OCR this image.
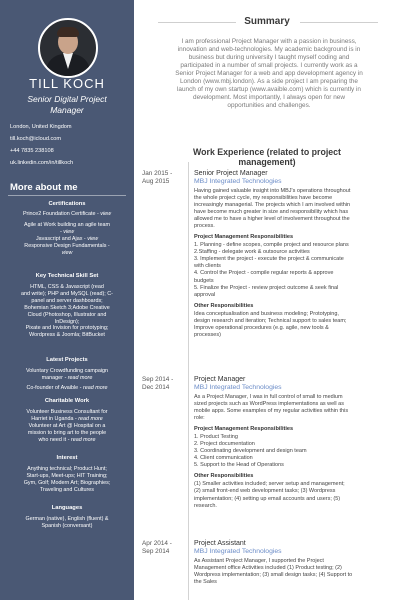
TILL KOCH
Senior Digital Project
Manager
London, United Kingdom
till.koch@icloud.com
+44 7835 238108
uk.linkedin.com/in/tillkoch
More about me
Certifications
Prince2 Foundation Certificate - view
Agile at Work building an agile team
- view
Javascript and Ajax - view
Responsive Design Fundamentals -
view
Key Technical Skill Set
HTML, CSS & Javascript (read
and write); PHP and MySQL (read); C-
panel and server dashboards;
Bohemian Sketch 3;Adobe Creative
Cloud (Photoshop, Illustrator and
InDesign);
Pixate and Invision for prototyping;
Wordpress & Joomla; BitBucket
Latest Projects
Voluntary Crowdfunding campaign
manager - read more
Co-founder of Avaible - read more
Charitable Work
Volunteer Business Consultant for
Harriet in Uganda - read more
Volunteer at Art @ Hospital on a
mission to bring art to the people
who need it - read more
Interest
Anything technical; Product Hunt;
Start-ups, Meet-ups; HIT Training;
Gym, Golf; Modern Art; Biographies;
Traveling and Cultures
Languages
German (native), English (fluent) &
Spanish (conversant)
Summary
I am professional Project Manager with a passion in business,
innovation and web-technologies. My academic background is in
business but during university I taught myself coding and
participated in a number of small projects. I currently work as a
Senior Project Manager for a web and app development agency in
London (www.mbj.london). As a side project I am preparing the
launch of my own startup (www.avaible.com) which is currently in
development. Most importantly, I always open for new
opportunities and challenges.
Work Experience (related to project
management)
Jan 2015 -
Aug 2015
Senior Project Manager
MBJ Integrated Technologies
Having gained valuable insight into MBJ's operations throughout
the whole project cycle, my responsibilities have become
increasingly managerial. The projects which I am involved within
have become much greater in size and responsibility which has
allowed me to have a higher level of involvement throughout the
process.
Project Management Responsibilities
1. Planning - define scopes, compile project and resource plans
2.Staffing - delegate work & outsource activities
3. Implement the project - execute the project & communicate
with clients
4. Control the Project - compile regular reports & approve
budgets
5. Finalize the Project - review project outcome & seek final
approval
Other Responsibilities
Idea conceptualisation and business modeling; Prototyping,
design research and iteration; Technical support to sales team;
Improve operational procedures (e.g. agile, new tools &
processes)
Sep 2014 -
Dec 2014
Project Manager
MBJ Integrated Technologies
As a Project Manager, I was in full control of small to medium
sized projects such as WordPress implementations as well as
mobile apps. Some examples of my regular activities within this
role:
Project Management Responsibilities
1. Product Testing
2. Project documentation
3. Coordinating development and design team
4. Client communication
5. Support to the Head of Operations
Other Responsibilities
(1) Smaller activities included; server setup and management;
(2) small front-end web development tasks; (3) Wordpress
implementation; (4) setting up email accounts and users; (5)
research.
Apr 2014 -
Sep 2014
Project Assistant
MBJ Integrated Technologies
As Assistant Project Manager, I supported the Project
Management office Activities included (1) Product testing; (2)
Wordpress implementation; (3) small design tasks; (4) Support to
the Sales
